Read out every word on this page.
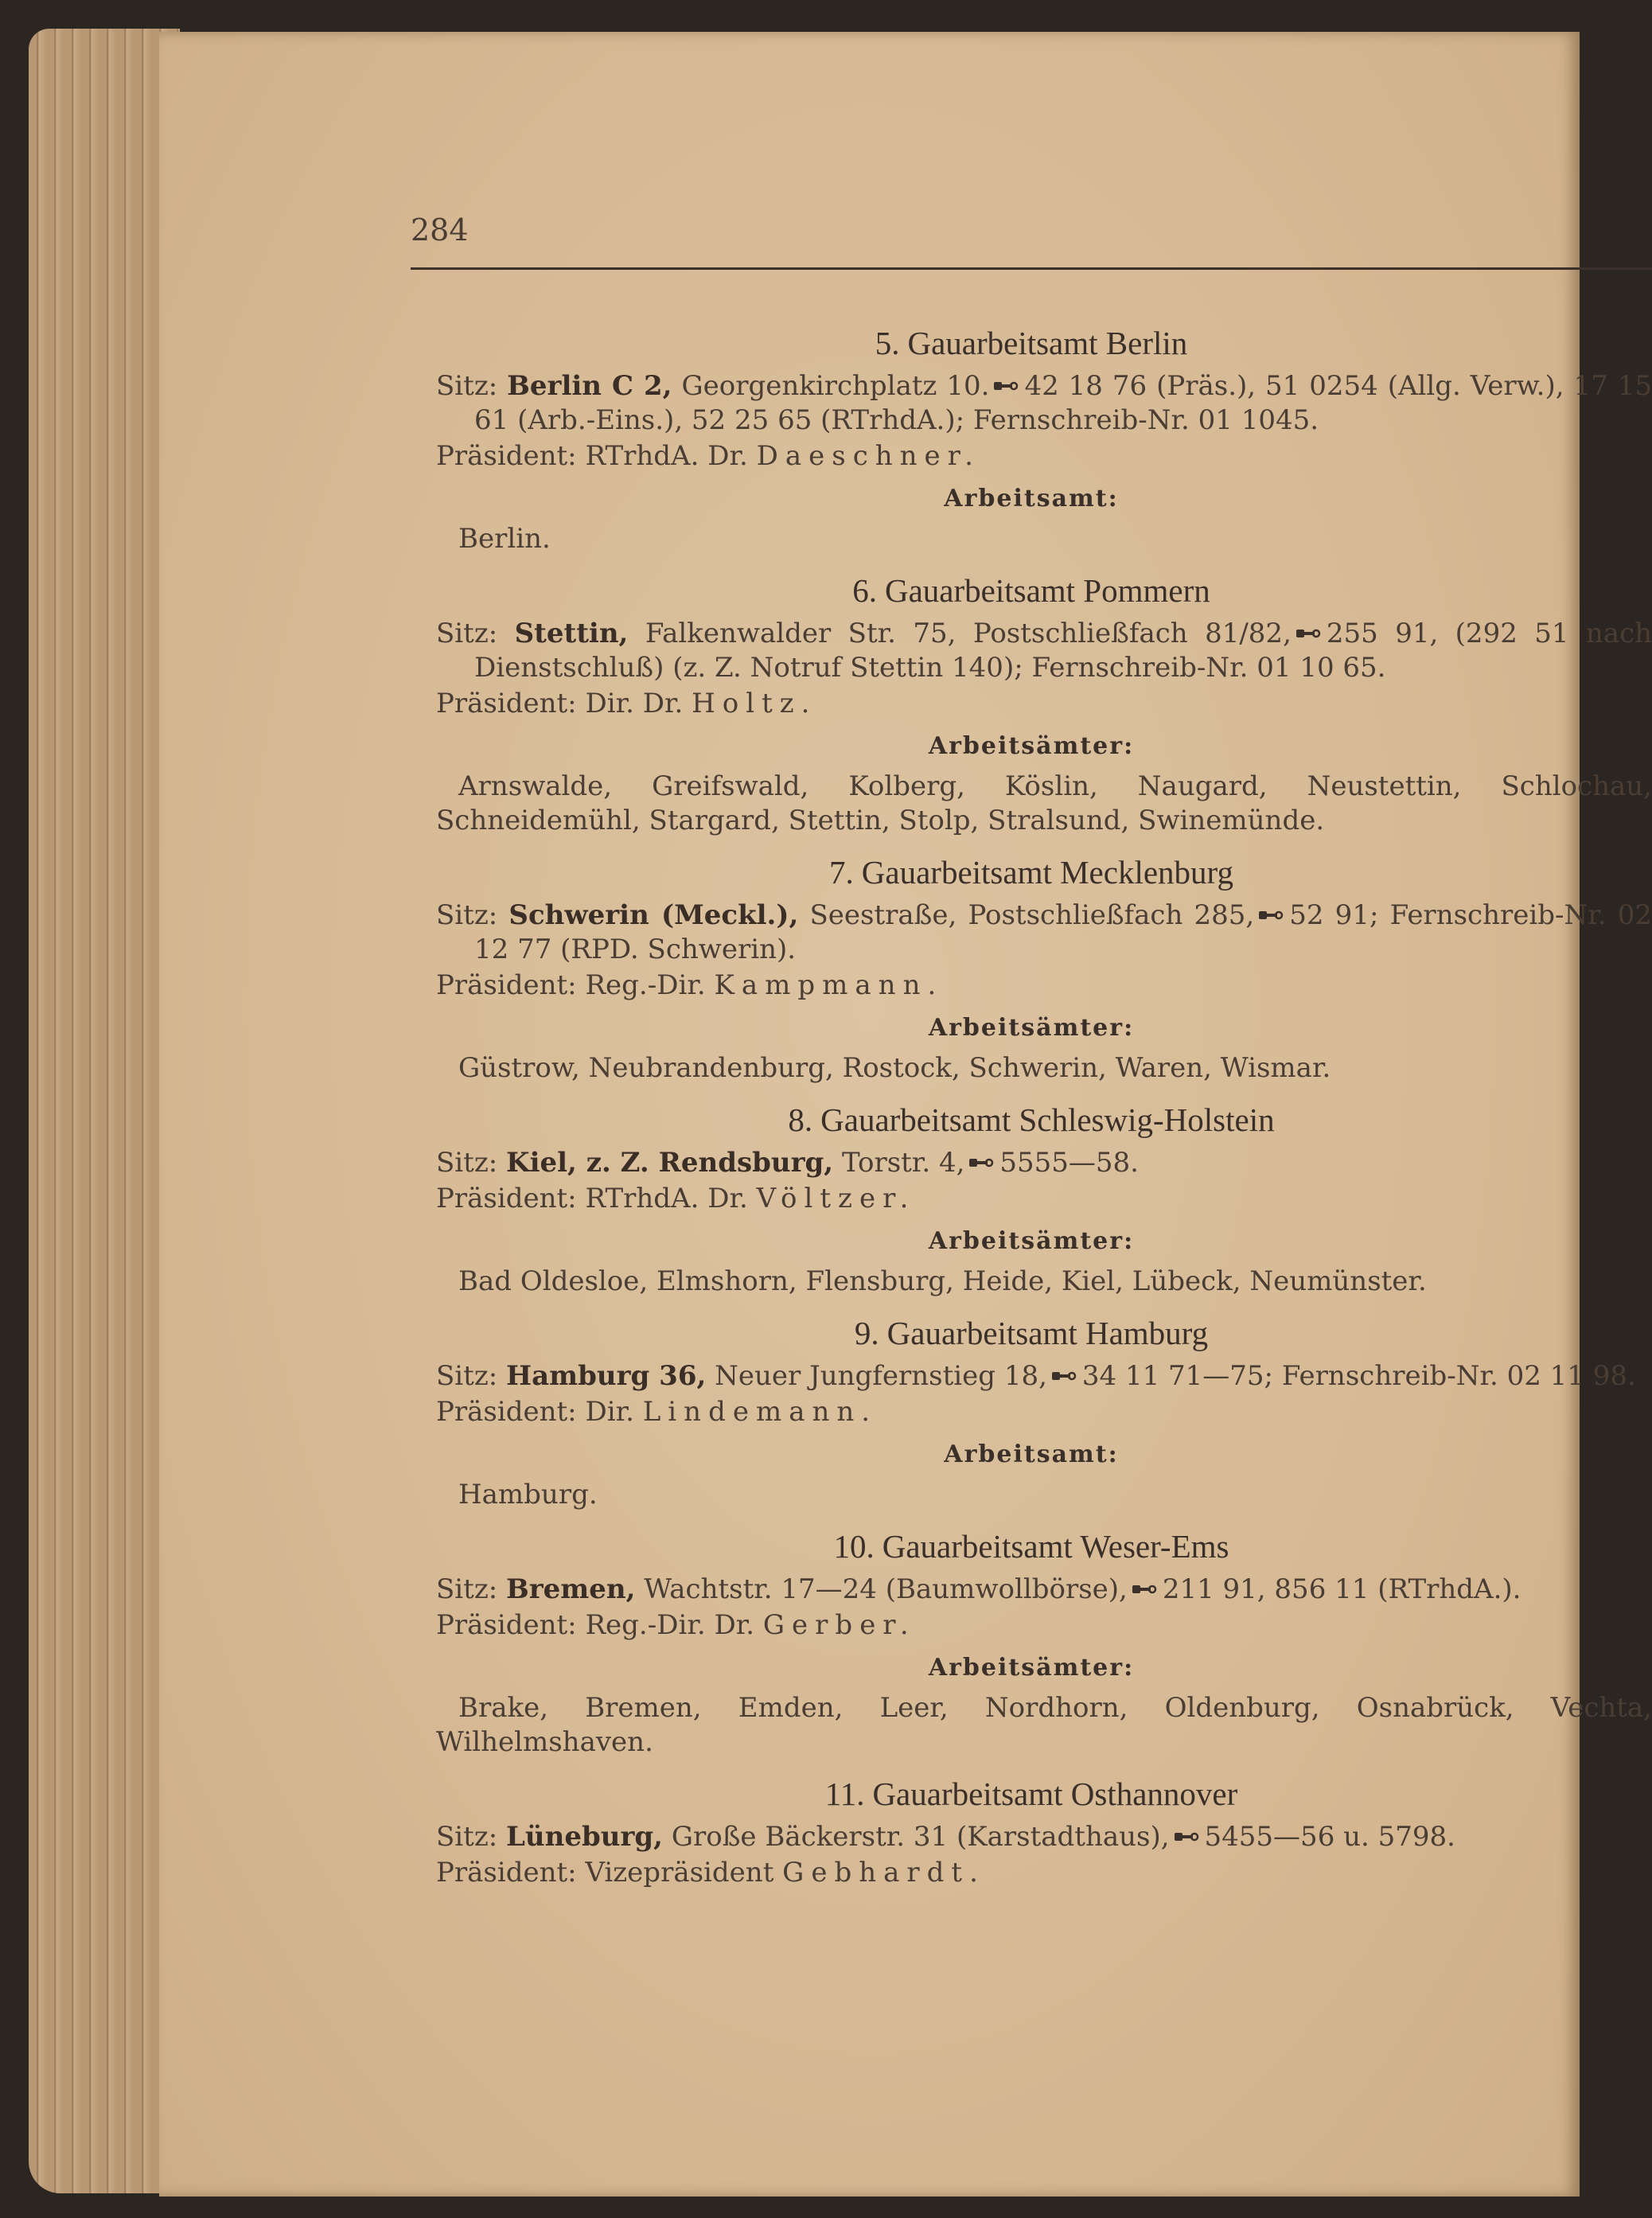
284
5. Gauarbeitsamt Berlin

Sitz: Berlin C 2, Georgenkirchplatz 10. 42 18 76 (Präs.), 51 0254 (Allg. Verw.), 17 15 61 (Arb.-Eins.), 52 25 65 (RTrhdA.); Fernschreib-Nr. 01 1045.

Präsident: RTrhdA. Dr. Daeschner.

Arbeitsamt:

Berlin.

6. Gauarbeitsamt Pommern

Sitz: Stettin, Falkenwalder Str. 75, Postschließfach 81/82, 255 91, (292 51 nach Dienstschluß) (z. Z. Notruf Stettin 140); Fernschreib-Nr. 01 10 65.

Präsident: Dir. Dr. Holtz.

Arbeitsämter:

Arnswalde, Greifswald, Kolberg, Köslin, Naugard, Neustettin, Schlochau, Schneidemühl, Stargard, Stettin, Stolp, Stralsund, Swinemünde.

7. Gauarbeitsamt Mecklenburg

Sitz: Schwerin (Meckl.), Seestraße, Postschließfach 285, 52 91; Fernschreib-Nr. 02 12 77 (RPD. Schwerin).

Präsident: Reg.-Dir. Kampmann.

Arbeitsämter:

Güstrow, Neubrandenburg, Rostock, Schwerin, Waren, Wismar.

8. Gauarbeitsamt Schleswig-Holstein

Sitz: Kiel, z. Z. Rendsburg, Torstr. 4, 5555—58.

Präsident: RTrhdA. Dr. Völtzer.

Arbeitsämter:

Bad Oldesloe, Elmshorn, Flensburg, Heide, Kiel, Lübeck, Neumünster.

9. Gauarbeitsamt Hamburg

Sitz: Hamburg 36, Neuer Jungfernstieg 18, 34 11 71—75; Fernschreib-Nr. 02 11 98.

Präsident: Dir. Lindemann.

Arbeitsamt:

Hamburg.

10. Gauarbeitsamt Weser-Ems

Sitz: Bremen, Wachtstr. 17—24 (Baumwollbörse), 211 91, 856 11 (RTrhdA.).

Präsident: Reg.-Dir. Dr. Gerber.

Arbeitsämter:

Brake, Bremen, Emden, Leer, Nordhorn, Oldenburg, Osnabrück, Vechta, Wilhelmshaven.

11. Gauarbeitsamt Osthannover

Sitz: Lüneburg, Große Bäckerstr. 31 (Karstadthaus), 5455—56 u. 5798.

Präsident: Vizepräsident Gebhardt.
